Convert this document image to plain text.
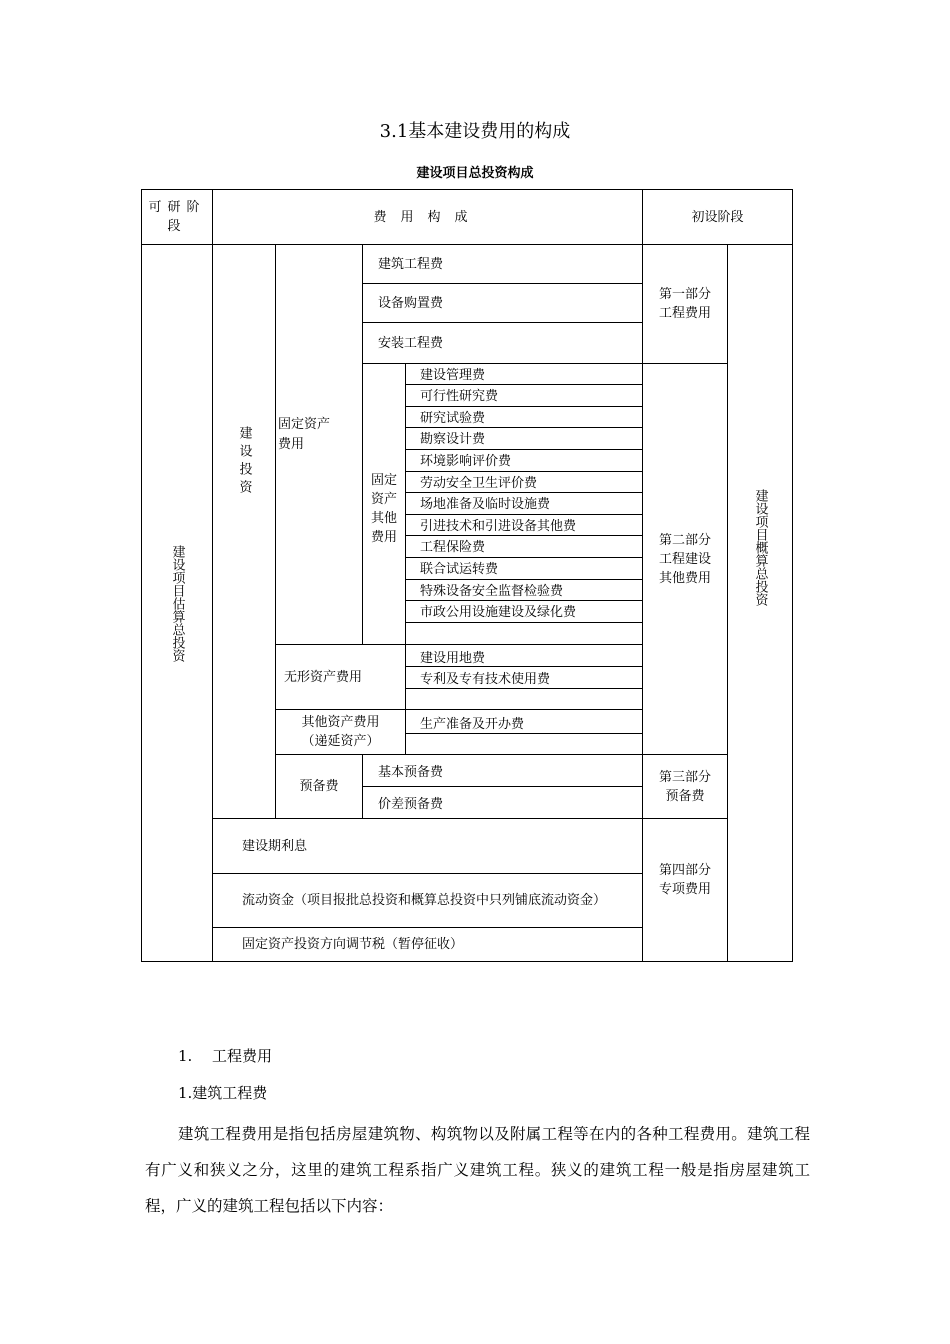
3.1基本建设费用的构成
建设项目总投资构成
可研阶段
费用构成	初设阶段
建设项目估算总投资
建设投资
固定资产费用
固定资产其他费用
建筑工程费
设备购置费
安装工程费
建设管理费
可行性研究费
研究试验费
勘察设计费
环境影响评价费
劳动安全卫生评价费
场地准备及临时设施费
引进技术和引进设备其他费
工程保险费
联合试运转费
特殊设备安全监督检验费
市政公用设施建设及绿化费
无形资产费用
建设用地费
专利及专有技术使用费
其他资产费用
（递延资产）
生产准备及开办费
预备费
基本预备费
价差预备费
建设期利息
流动资金（项目报批总投资和概算总投资中只列铺底流动资金）
固定资产投资方向调节税（暂停征收）
第一部分
工程费用
第二部分
工程建设
其他费用
第三部分
预备费
第四部分
专项费用
建设项目概算总投资
1. 工程费用
1.建筑工程费
建筑工程费用是指包括房屋建筑物、构筑物以及附属工程等在内的各种工程费用。建筑工程有广义和狭义之分，这里的建筑工程系指广义建筑工程。狭义的建筑工程一般是指房屋建筑工程，广义的建筑工程包括以下内容：
